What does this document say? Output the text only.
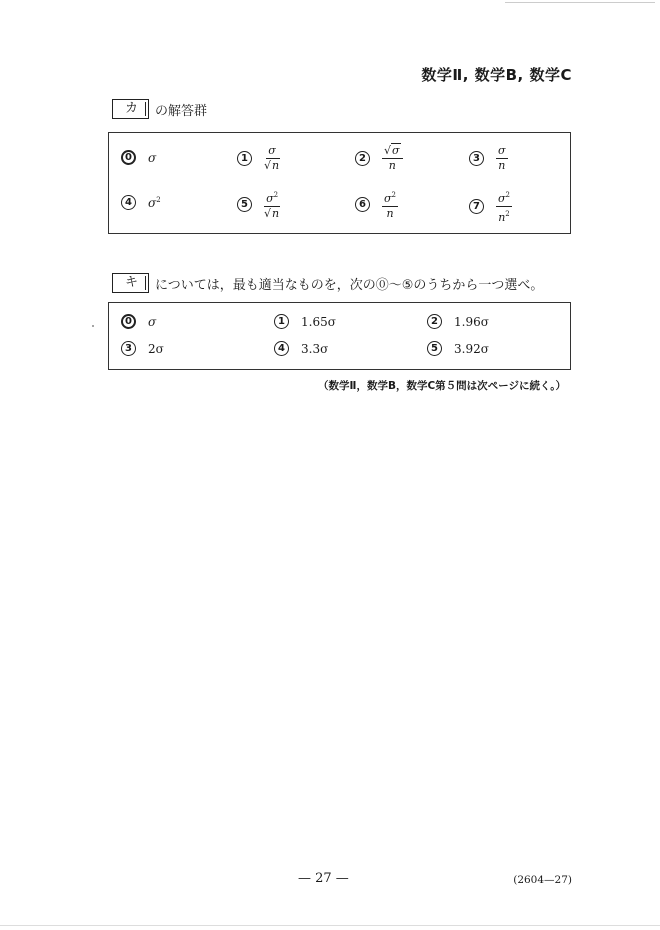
数学Ⅱ, 数学B, 数学C
カ	の解答群
0	σ	1	$\frac{\sigma}{√n}$	2	$\frac{√\sigma}{n}$	3	$\frac{\sigma}{n}$
4	$\sigma^2$	5	$\frac{\sigma^2}{√n}$	6	$\frac{\sigma^2}{n}$	7	$\frac{\sigma^2}{n^2}$
キ	については，最も適当なものを，次の⓪～⑤のうちから一つ選べ。
0	σ	1	1.65σ	2	1.96σ
3	2σ	4	3.3σ	5	3.92σ
（数学Ⅱ，数学B，数学C第５問は次ページに続く。）
— 27 —	(2604—27)
